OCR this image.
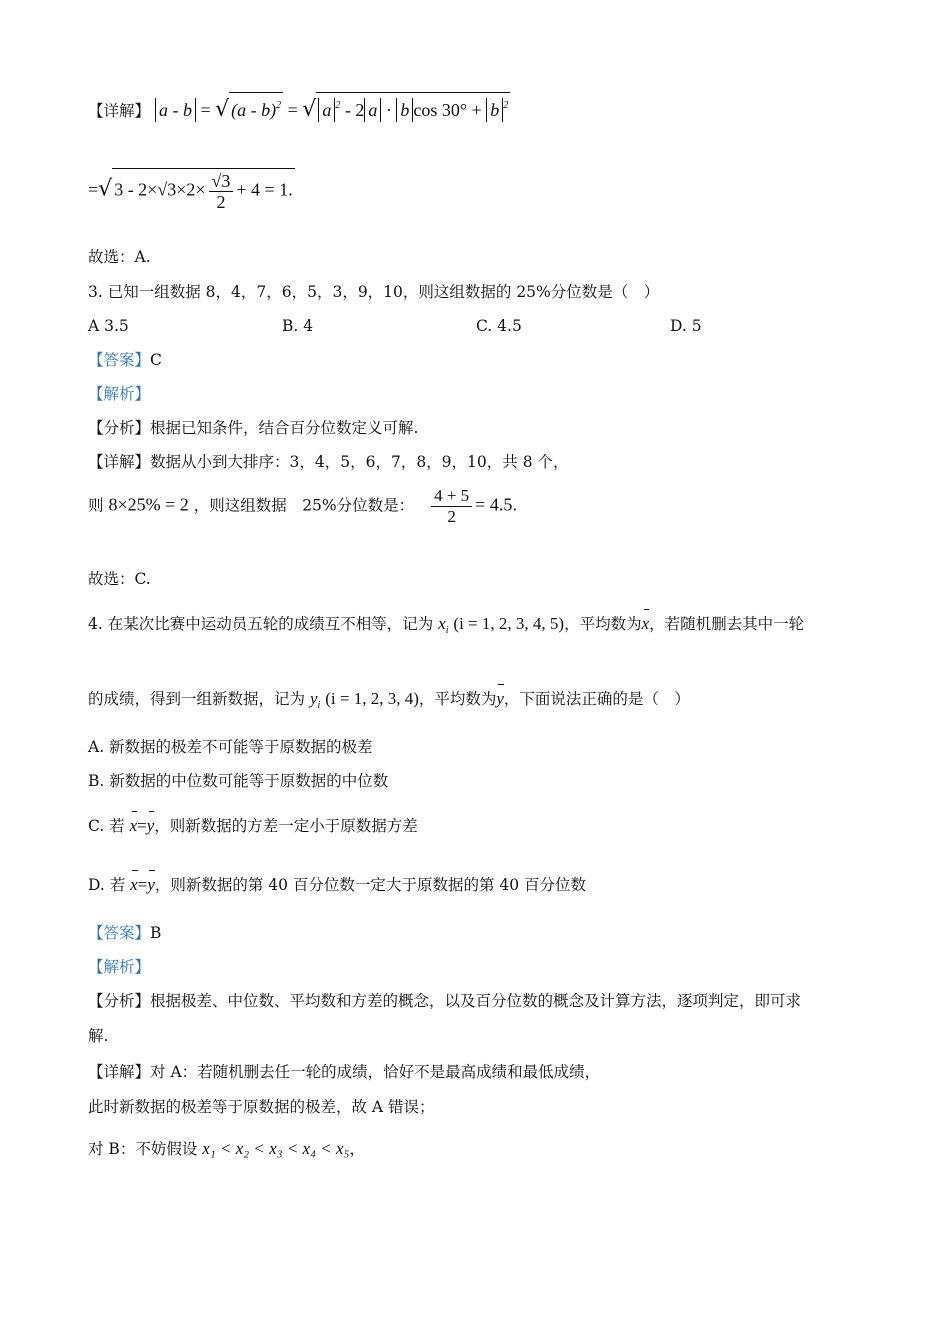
【详解】 a - b = √ (a - b)$^2$ = √ a $^2$ - 2 a · b cos 30° + b $^2$
=√ $3 - 2\times√3\times 2\times \frac{√3}{2} + 4 = 1$.
故选：A.
3. 已知一组数据 8，4，7，6，5，3，9，10，则这组数据的 25%分位数是（　）
A 3.5	B. 4	C. 4.5	D. 5
【答案】C
【解析】
【分析】根据已知条件，结合百分位数定义可解.
【详解】数据从小到大排序：3，4，5，6，7，8，9，10，共 8 个，
则 8×25% = 2 ，则这组数据　25%分位数是： $\frac{4 + 5}{2} = 4.5$.
故选：C.
4. 在某次比赛中运动员五轮的成绩互不相等，记为 $x_i$ (i = 1, 2, 3, 4, 5)，平均数为x，若随机删去其中一轮
的成绩，得到一组新数据，记为 $y_i$ (i = 1, 2, 3, 4)，平均数为y，下面说法正确的是（　）
A. 新数据的极差不可能等于原数据的极差
B. 新数据的中位数可能等于原数据的中位数
C. 若 x=y，则新数据的方差一定小于原数据方差
D. 若 x=y，则新数据的第 40 百分位数一定大于原数据的第 40 百分位数
【答案】B
【解析】
【分析】根据极差、中位数、平均数和方差的概念，以及百分位数的概念及计算方法，逐项判定，即可求
解.
【详解】对 A：若随机删去任一轮的成绩，恰好不是最高成绩和最低成绩，
此时新数据的极差等于原数据的极差，故 A 错误；
对 B：不妨假设 x₁ < x₂ < x₃ < x₄ < x₅，
